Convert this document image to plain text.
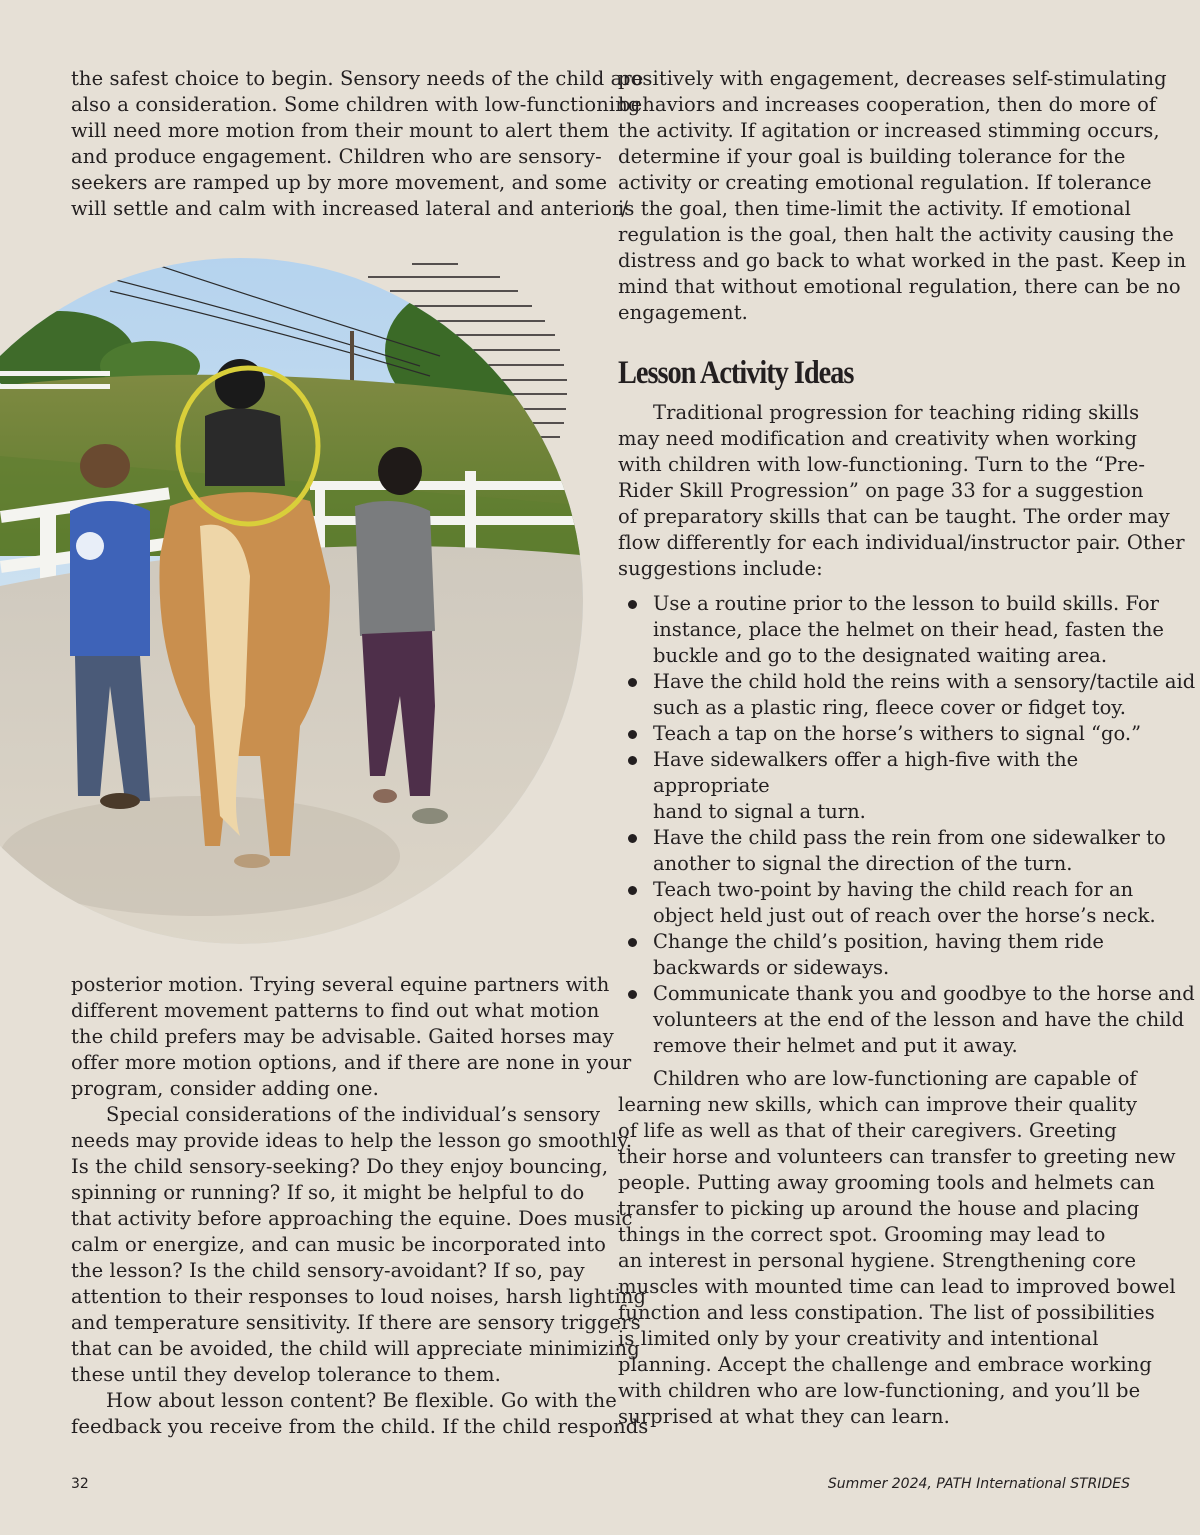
the safest choice to begin. Sensory needs of the child are
also a consideration. Some children with low-functioning
will need more motion from their mount to alert them
and produce engagement. Children who are sensory-
seekers are ramped up by more movement, and some
will settle and calm with increased lateral and anterior/
posterior motion. Trying several equine partners with
different movement patterns to find out what motion
the child prefers may be advisable. Gaited horses may
offer more motion options, and if there are none in your
program, consider adding one.
Special considerations of the individual’s sensory
needs may provide ideas to help the lesson go smoothly.
Is the child sensory-seeking? Do they enjoy bouncing,
spinning or running? If so, it might be helpful to do
that activity before approaching the equine. Does music
calm or energize, and can music be incorporated into
the lesson? Is the child sensory-avoidant? If so, pay
attention to their responses to loud noises, harsh lighting
and temperature sensitivity. If there are sensory triggers
that can be avoided, the child will appreciate minimizing
these until they develop tolerance to them.
How about lesson content? Be flexible. Go with the
feedback you receive from the child. If the child responds
positively with engagement, decreases self-stimulating
behaviors and increases cooperation, then do more of
the activity. If agitation or increased stimming occurs,
determine if your goal is building tolerance for the
activity or creating emotional regulation. If tolerance
is the goal, then time-limit the activity. If emotional
regulation is the goal, then halt the activity causing the
distress and go back to what worked in the past. Keep in
mind that without emotional regulation, there can be no
engagement.
Lesson Activity Ideas
Traditional progression for teaching riding skills
may need modification and creativity when working
with children with low-functioning. Turn to the “Pre-
Rider Skill Progression” on page 33 for a suggestion
of preparatory skills that can be taught. The order may
flow differently for each individual/instructor pair. Other
suggestions include:
Use a routine prior to the lesson to build skills. For
instance, place the helmet on their head, fasten the
buckle and go to the designated waiting area.
Have the child hold the reins with a sensory/tactile aid
such as a plastic ring, fleece cover or fidget toy.
Teach a tap on the horse’s withers to signal “go.”
Have sidewalkers offer a high-five with the appropriate
hand to signal a turn.
Have the child pass the rein from one sidewalker to
another to signal the direction of the turn.
Teach two-point by having the child reach for an
object held just out of reach over the horse’s neck.
Change the child’s position, having them ride
backwards or sideways.
Communicate thank you and goodbye to the horse and
volunteers at the end of the lesson and have the child
remove their helmet and put it away.
Children who are low-functioning are capable of
learning new skills, which can improve their quality
of life as well as that of their caregivers. Greeting
their horse and volunteers can transfer to greeting new
people. Putting away grooming tools and helmets can
transfer to picking up around the house and placing
things in the correct spot. Grooming may lead to
an interest in personal hygiene. Strengthening core
muscles with mounted time can lead to improved bowel
function and less constipation. The list of possibilities
is limited only by your creativity and intentional
planning. Accept the challenge and embrace working
with children who are low-functioning, and you’ll be
surprised at what they can learn.
32	Summer 2024, PATH International STRIDES
